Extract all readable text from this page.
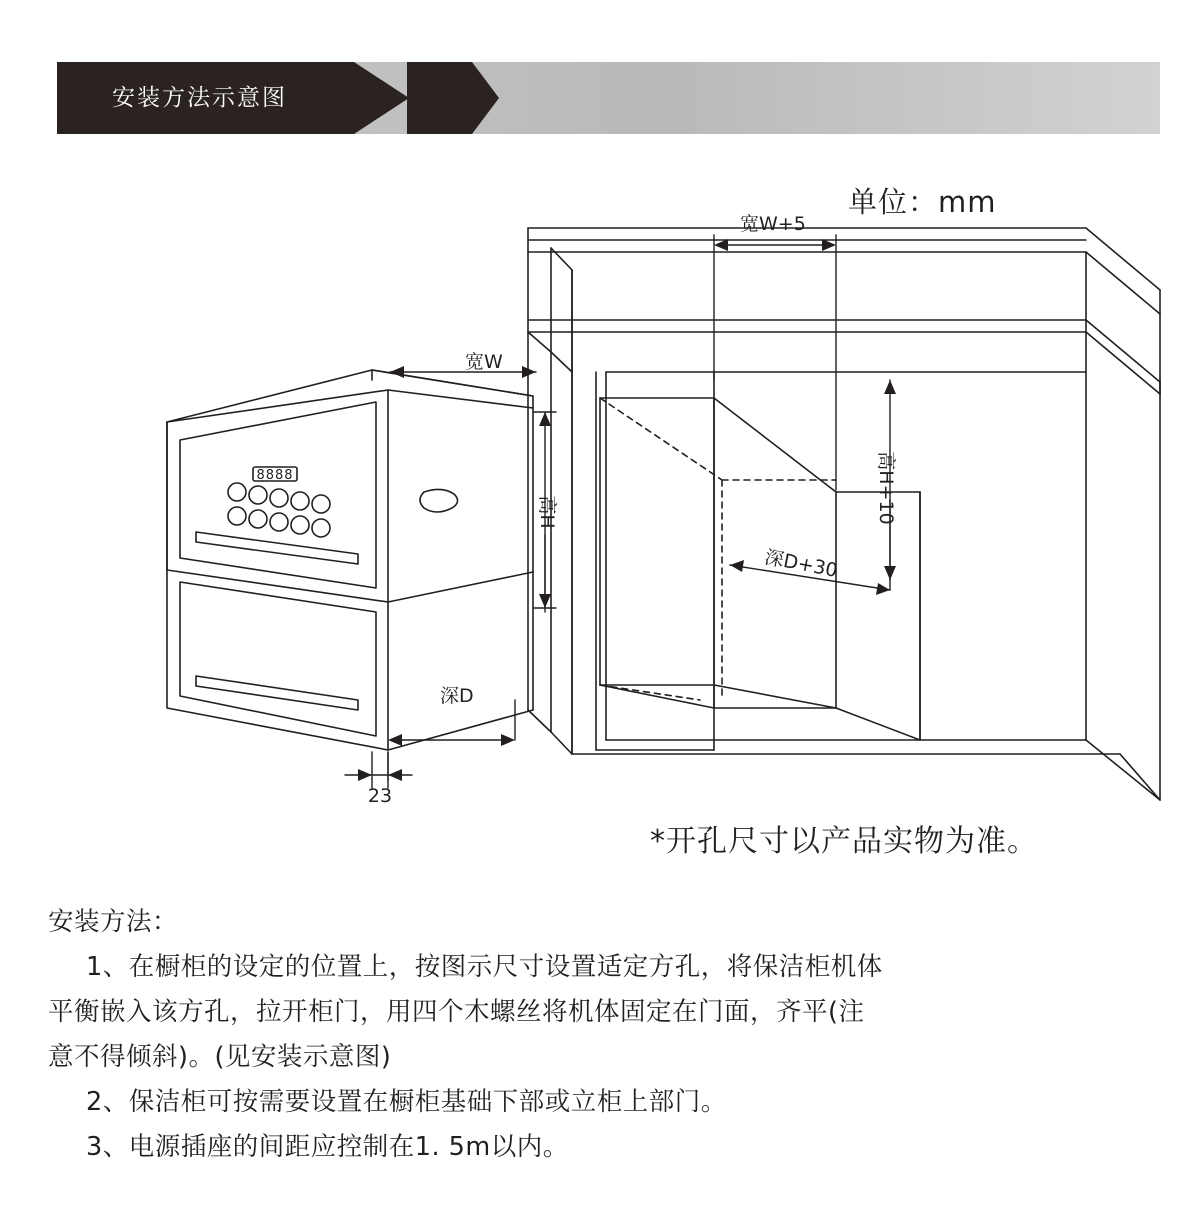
安装方法示意图
单位：mm
宽W+5
宽W
高H	高H+10
深D+30
深D
23
8888
*开孔尺寸以产品实物为准。

安装方法：

1、在橱柜的设定的位置上，按图示尺寸设置适定方孔，将保洁柜机体

平衡嵌入该方孔，拉开柜门，用四个木螺丝将机体固定在门面，齐平(注

意不得倾斜)。(见安装示意图)

2、保洁柜可按需要设置在橱柜基础下部或立柜上部门。

3、电源插座的间距应控制在1. 5m以内。
